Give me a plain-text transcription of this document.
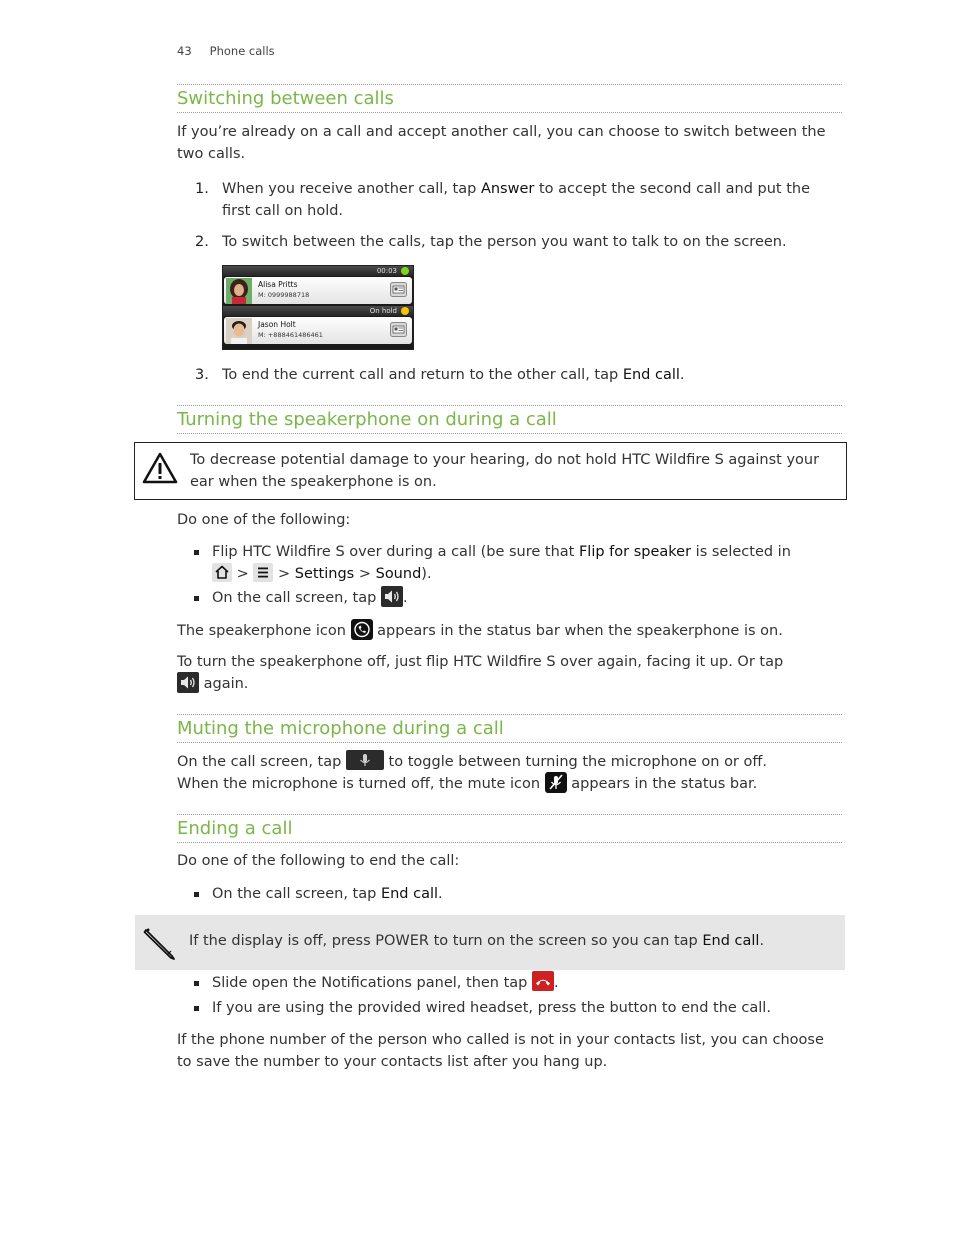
43 Phone calls
Switching between calls
If you’re already on a call and accept another call, you can choose to switch between the two calls.
1. When you receive another call, tap Answer to accept the second call and put the first call on hold.
2. To switch between the calls, tap the person you want to talk to on the screen.
00:03
Alisa Pritts
M: 0999988718
On hold
Jason Holt
M: +888461486461
3. To end the current call and return to the other call, tap End call.
Turning the speakerphone on during a call
To decrease potential damage to your hearing, do not hold HTC Wildfire S against your ear when the speakerphone is on.
Do one of the following:
Flip HTC Wildfire S over during a call (be sure that Flip for speaker is selected in
>  > Settings > Sound).
On the call screen, tap .
The speakerphone icon  appears in the status bar when the speakerphone is on.
To turn the speakerphone off, just flip HTC Wildfire S over again, facing it up. Or tap
again.
Muting the microphone during a call
On the call screen, tap	to toggle between turning the microphone on or off.
When the microphone is turned off, the mute icon  appears in the status bar.
Ending a call
Do one of the following to end the call:
On the call screen, tap End call.
If the display is off, press POWER to turn on the screen so you can tap End call.
Slide open the Notifications panel, then tap .
If you are using the provided wired headset, press the button to end the call.
If the phone number of the person who called is not in your contacts list, you can choose to save the number to your contacts list after you hang up.
